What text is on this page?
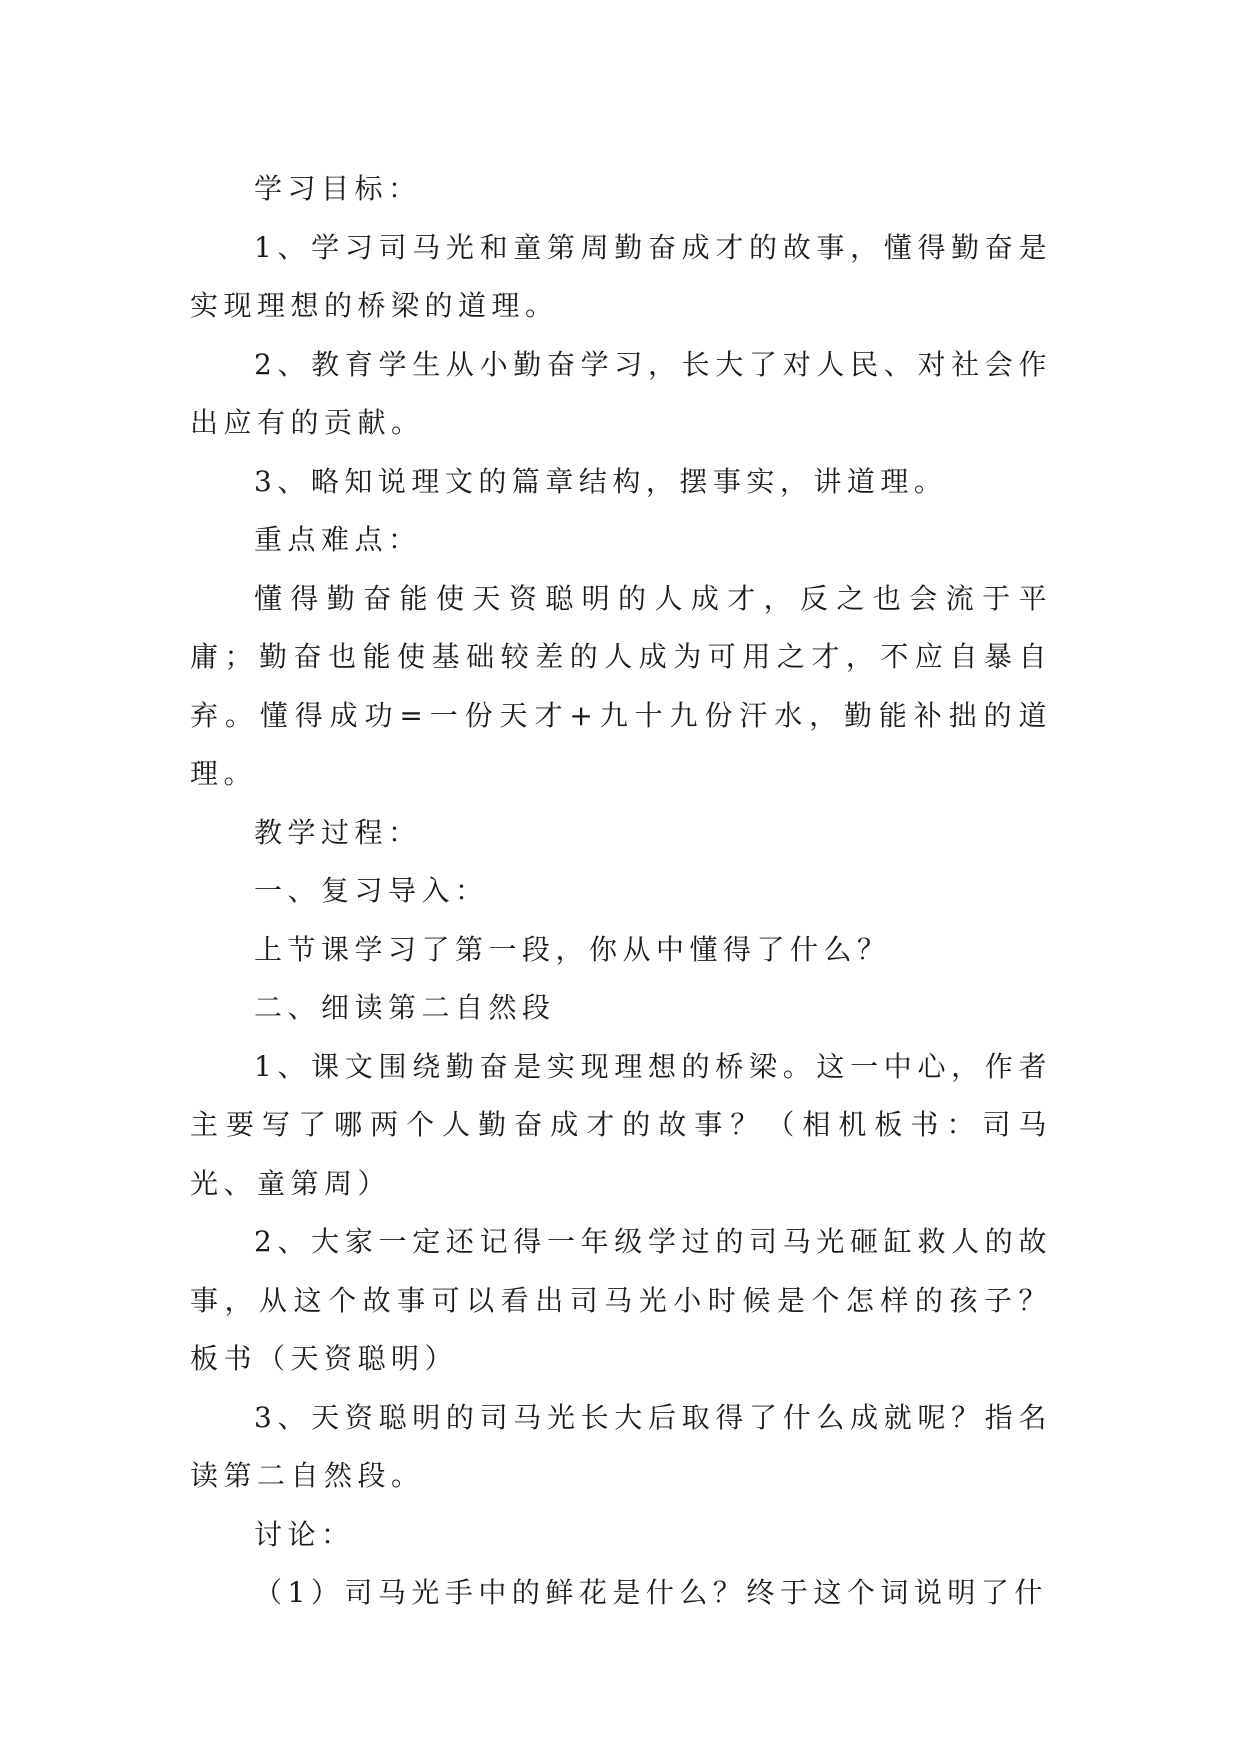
学习目标：

1、学习司马光和童第周勤奋成才的故事，懂得勤奋是实现理想的桥梁的道理。

2、教育学生从小勤奋学习，长大了对人民、对社会作出应有的贡献。

3、略知说理文的篇章结构，摆事实，讲道理。

重点难点：

懂得勤奋能使天资聪明的人成才，反之也会流于平庸；勤奋也能使基础较差的人成为可用之才，不应自暴自弃。懂得成功=一份天才+九十九份汗水，勤能补拙的道理。

教学过程：

一、复习导入：

上节课学习了第一段，你从中懂得了什么？

二、细读第二自然段

1、课文围绕勤奋是实现理想的桥梁。这一中心，作者主要写了哪两个人勤奋成才的故事？（相机板书：司马光、童第周）

2、大家一定还记得一年级学过的司马光砸缸救人的故事，从这个故事可以看出司马光小时候是个怎样的孩子？板书（天资聪明）

3、天资聪明的司马光长大后取得了什么成就呢？指名读第二自然段。

讨论：

（1）司马光手中的鲜花是什么？终于这个词说明了什
